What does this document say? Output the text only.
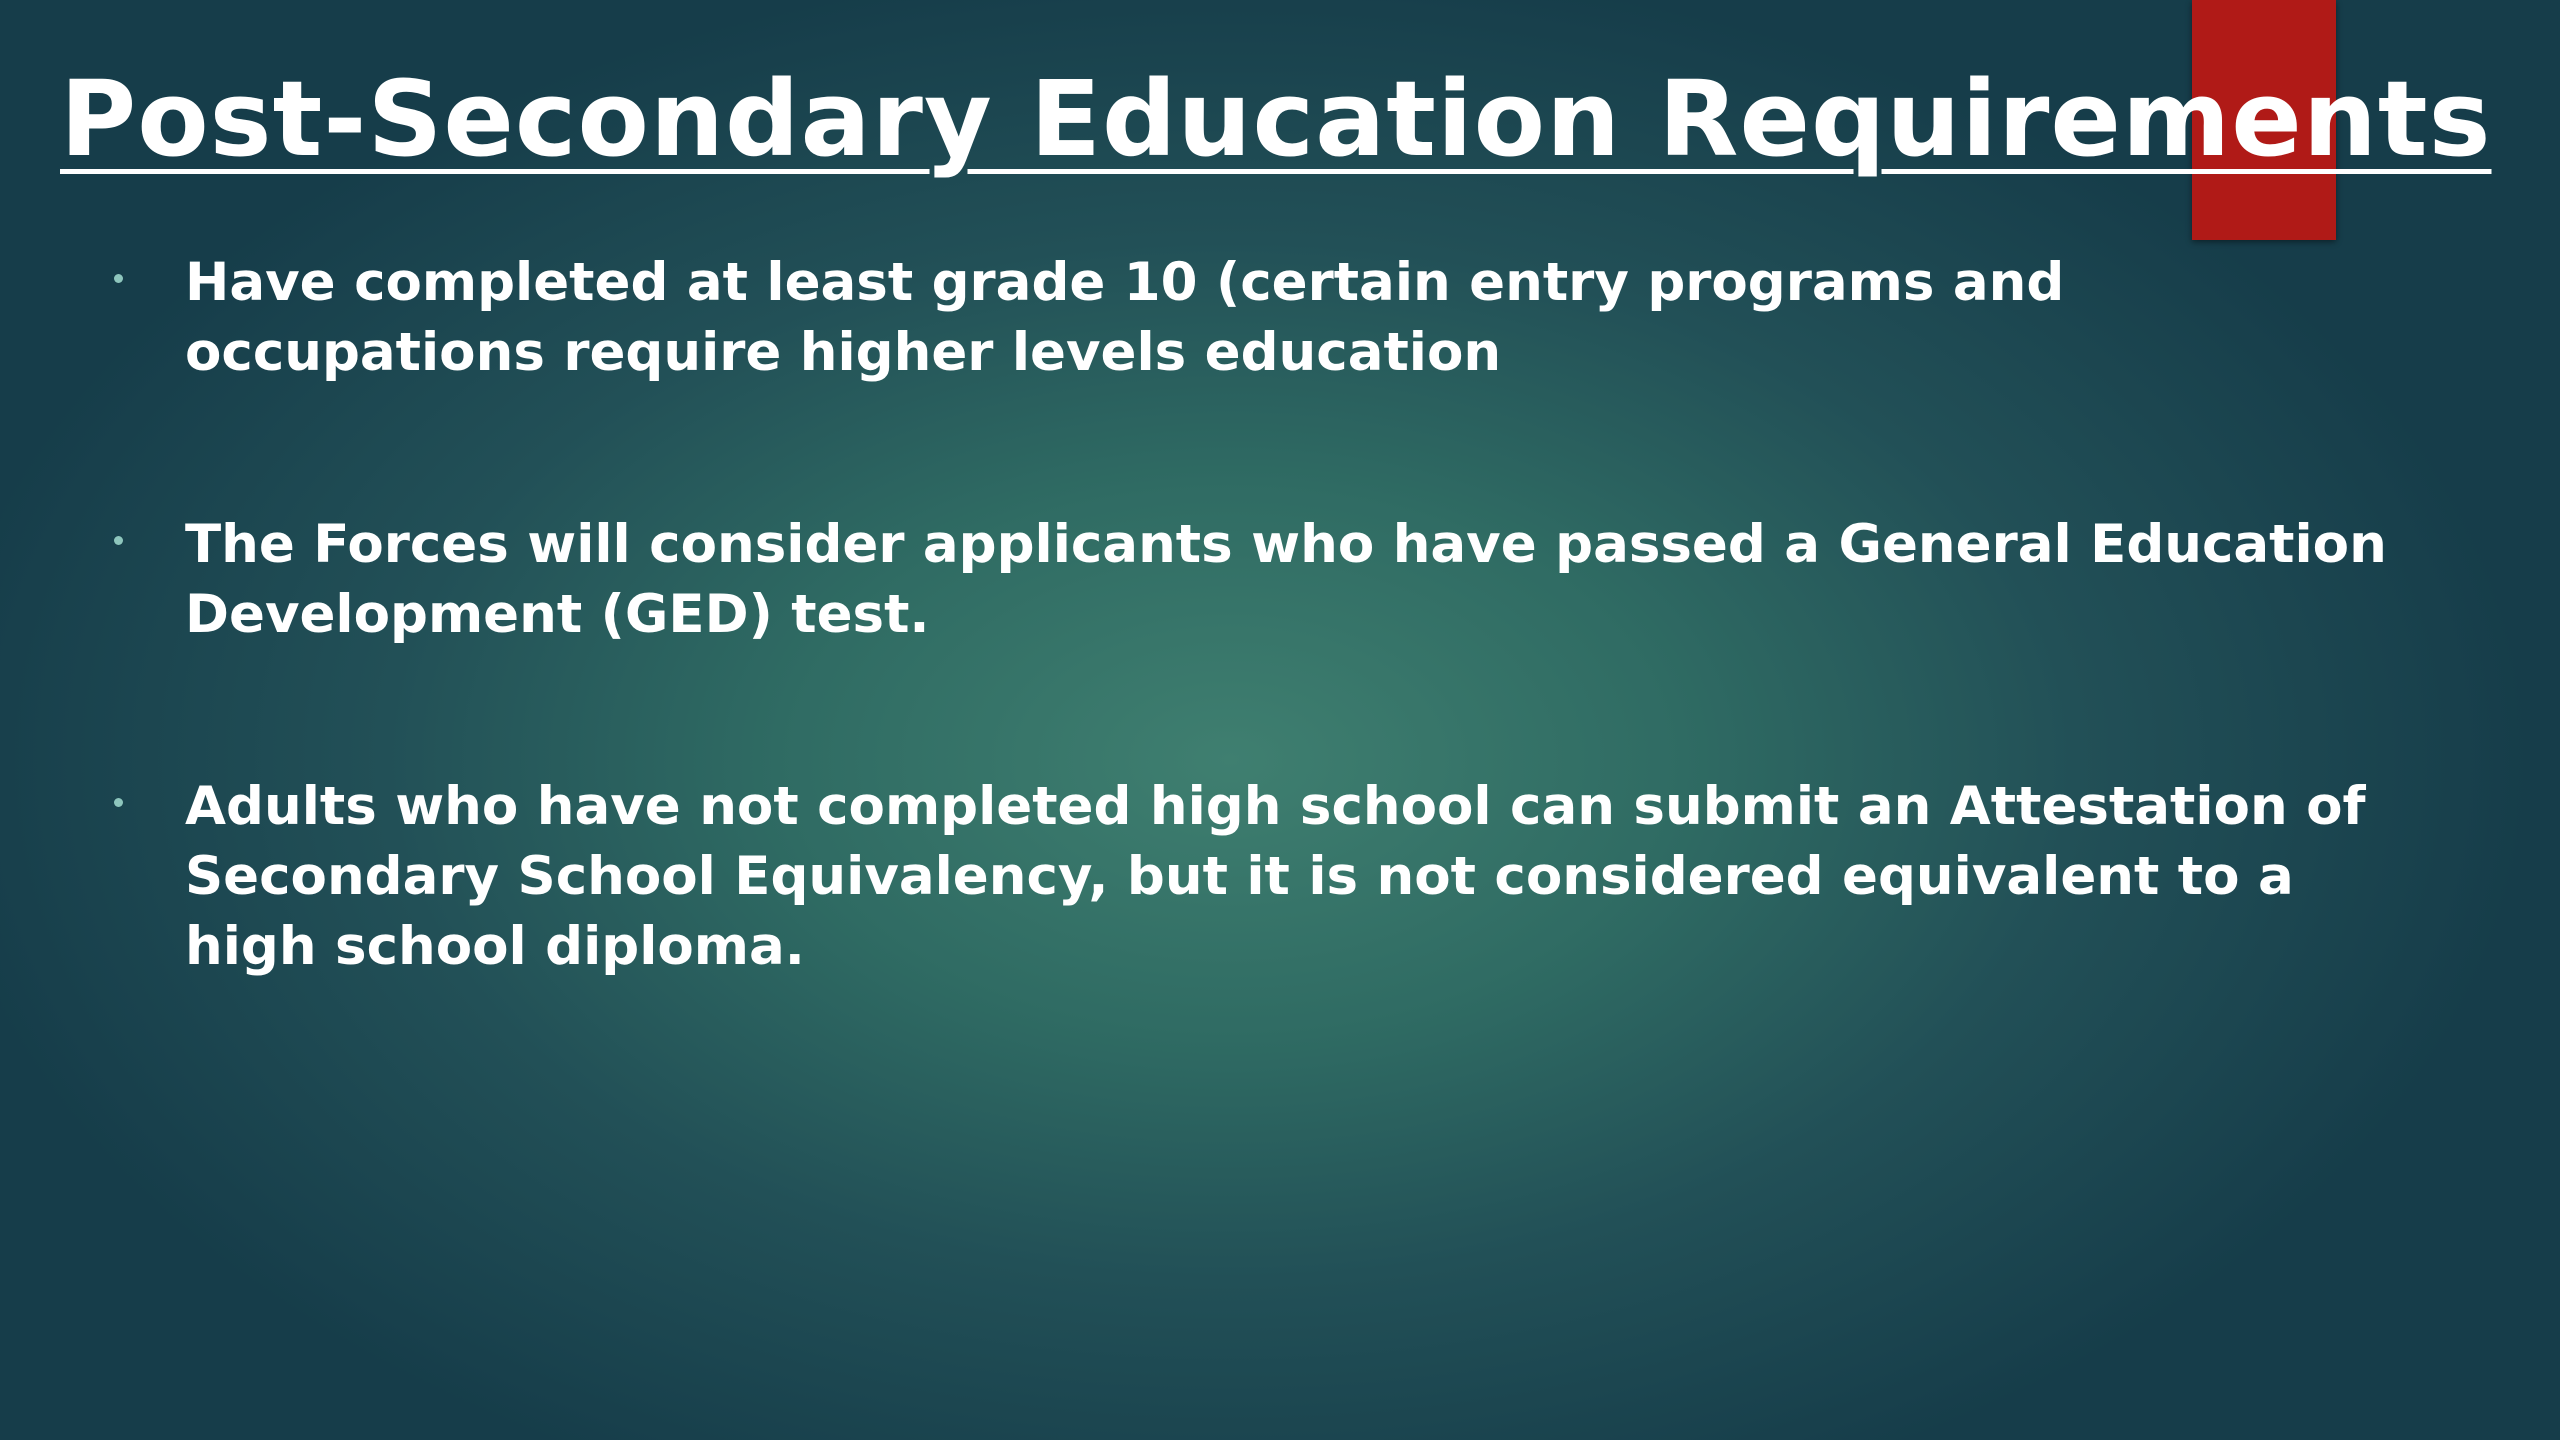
Post-Secondary Education Requirements
Have completed at least grade 10 (certain entry programs and occupations require higher levels education
The Forces will consider applicants who have passed a General Education Development (GED) test.
Adults who have not completed high school can submit an Attestation of Secondary School Equivalency, but it is not considered equivalent to a high school diploma.
